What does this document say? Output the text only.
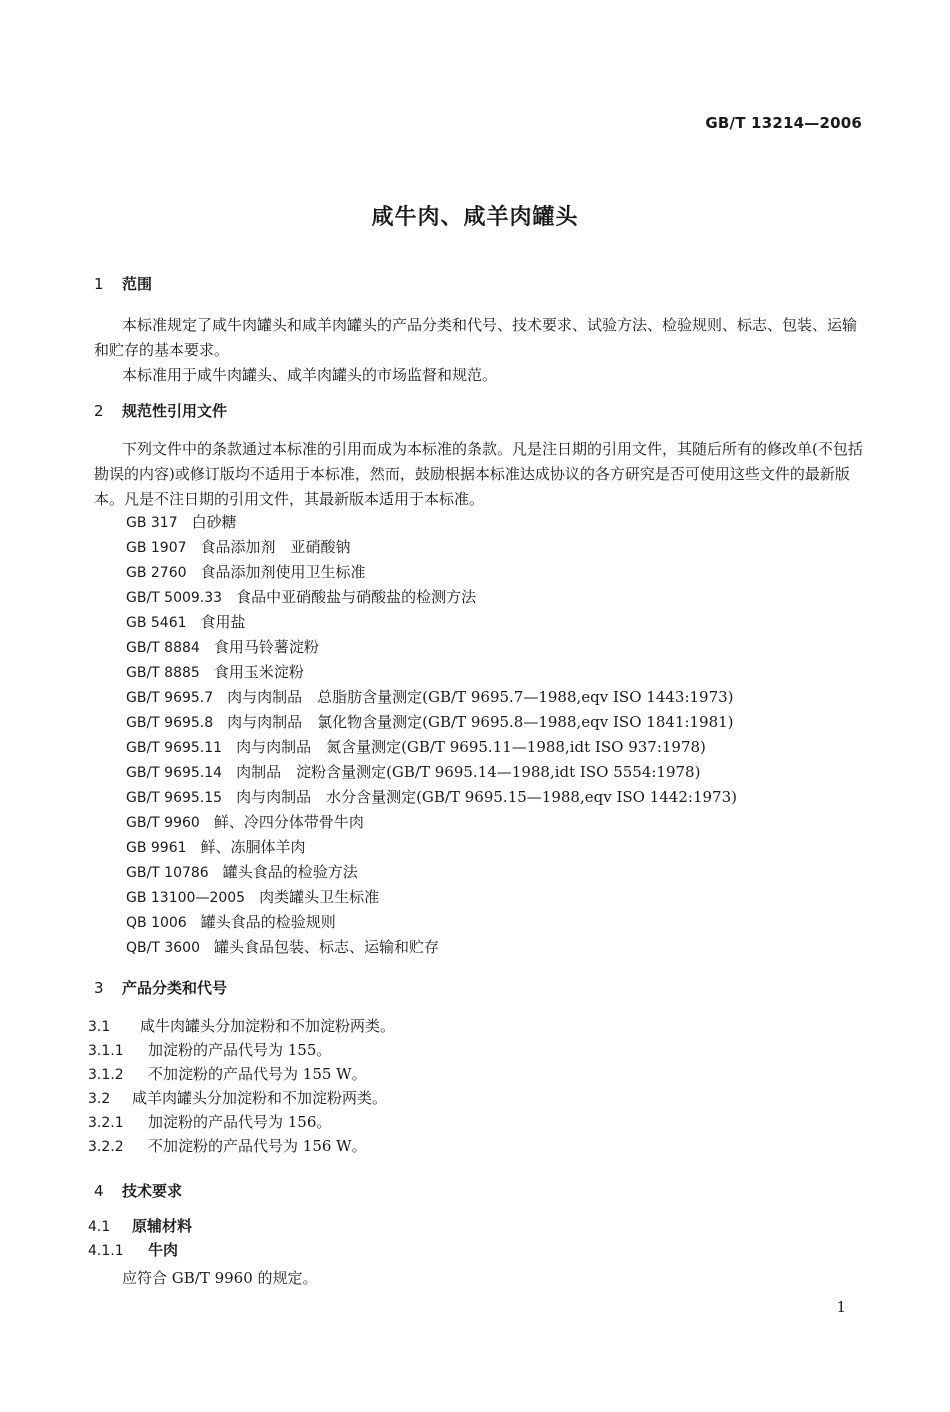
GB/T 13214—2006
咸牛肉、咸羊肉罐头
1 范围
本标准规定了咸牛肉罐头和咸羊肉罐头的产品分类和代号、技术要求、试验方法、检验规则、标志、包装、运输和贮存的基本要求。
本标准用于咸牛肉罐头、咸羊肉罐头的市场监督和规范。
2 规范性引用文件
下列文件中的条款通过本标准的引用而成为本标准的条款。凡是注日期的引用文件，其随后所有的修改单(不包括勘误的内容)或修订版均不适用于本标准，然而，鼓励根据本标准达成协议的各方研究是否可使用这些文件的最新版本。凡是不注日期的引用文件，其最新版本适用于本标准。
GB 317 白砂糖
GB 1907 食品添加剂　亚硝酸钠
GB 2760 食品添加剂使用卫生标准
GB/T 5009.33 食品中亚硝酸盐与硝酸盐的检测方法
GB 5461 食用盐
GB/T 8884 食用马铃薯淀粉
GB/T 8885 食用玉米淀粉
GB/T 9695.7 肉与肉制品　总脂肪含量测定(GB/T 9695.7—1988,eqv ISO 1443:1973)
GB/T 9695.8 肉与肉制品　氯化物含量测定(GB/T 9695.8—1988,eqv ISO 1841:1981)
GB/T 9695.11 肉与肉制品　氮含量测定(GB/T 9695.11—1988,idt ISO 937:1978)
GB/T 9695.14 肉制品　淀粉含量测定(GB/T 9695.14—1988,idt ISO 5554:1978)
GB/T 9695.15 肉与肉制品　水分含量测定(GB/T 9695.15—1988,eqv ISO 1442:1973)
GB/T 9960 鲜、冷四分体带骨牛肉
GB 9961 鲜、冻胴体羊肉
GB/T 10786 罐头食品的检验方法
GB 13100—2005 肉类罐头卫生标准
QB 1006 罐头食品的检验规则
QB/T 3600 罐头食品包装、标志、运输和贮存
3 产品分类和代号
3.1 咸牛肉罐头分加淀粉和不加淀粉两类。
3.1.1 加淀粉的产品代号为 155。
3.1.2 不加淀粉的产品代号为 155 W。
3.2 咸羊肉罐头分加淀粉和不加淀粉两类。
3.2.1 加淀粉的产品代号为 156。
3.2.2 不加淀粉的产品代号为 156 W。
4 技术要求
4.1 原辅材料
4.1.1 牛肉
应符合 GB/T 9960 的规定。
1
